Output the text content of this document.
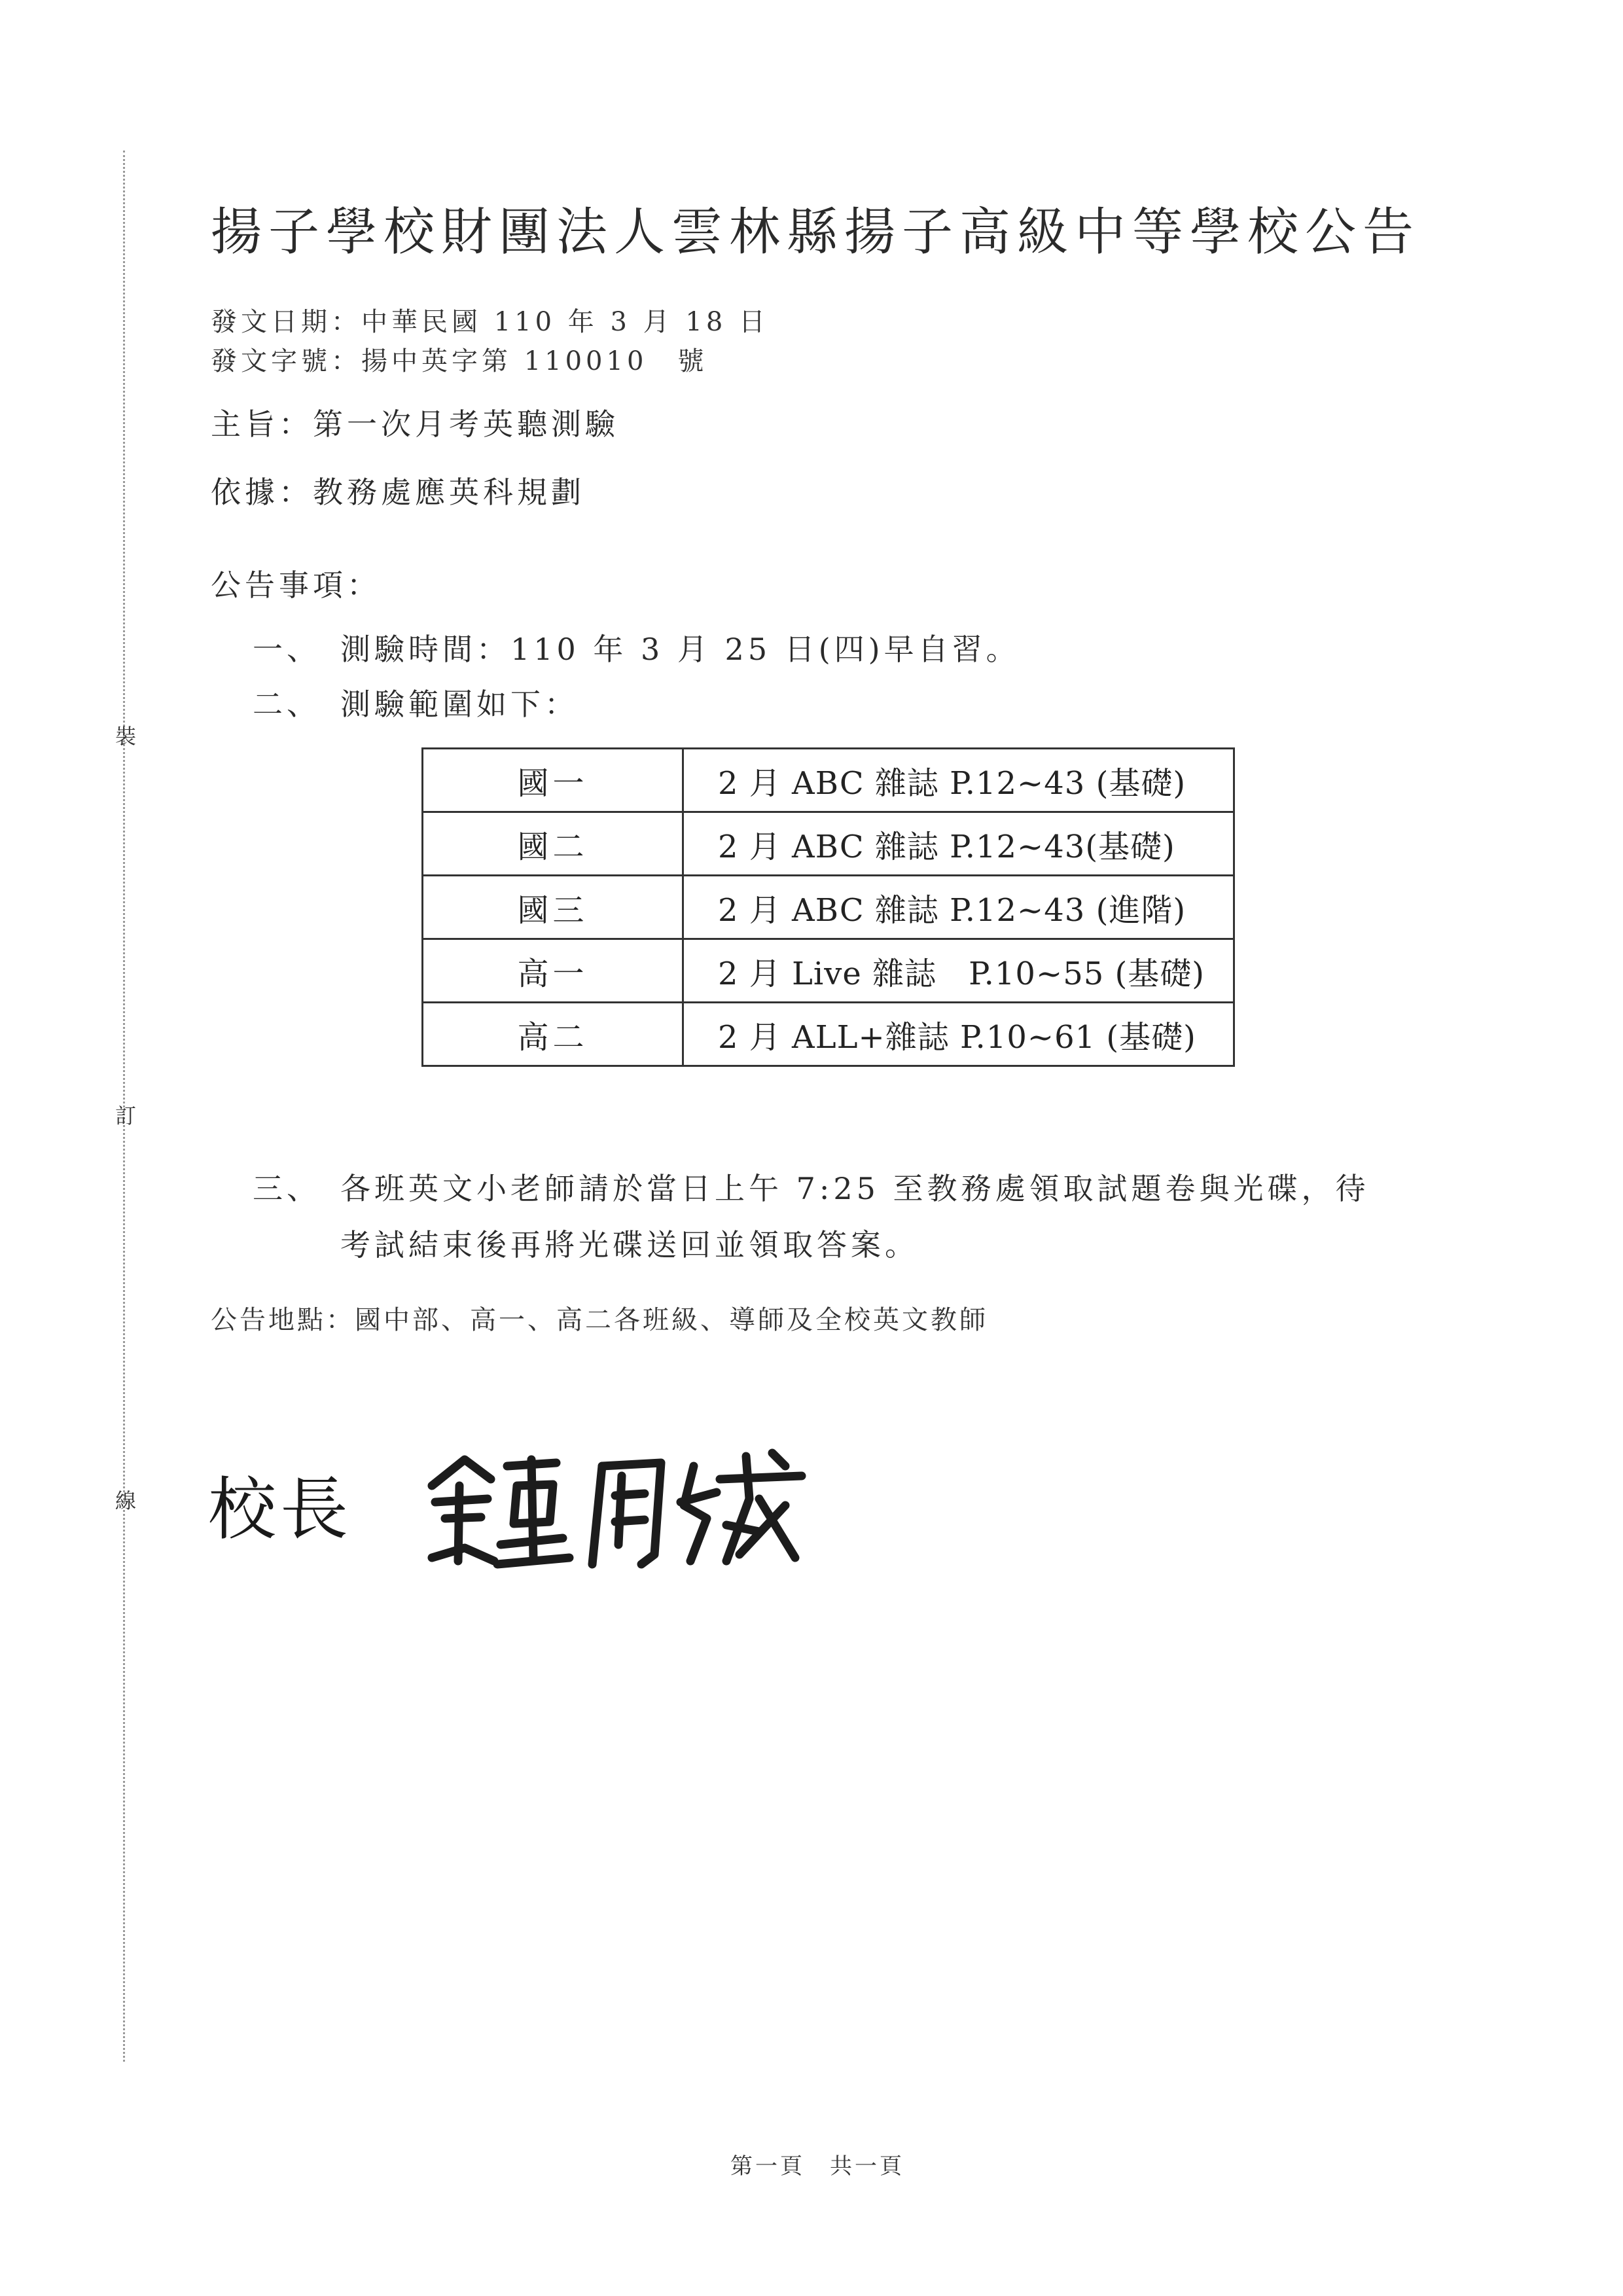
裝
訂
線
揚子學校財團法人雲林縣揚子高級中等學校公告
發文日期：中華民國 110 年 3 月 18 日
發文字號：揚中英字第 110010　號
主旨：第一次月考英聽測驗
依據：教務處應英科規劃
公告事項：
一、 測驗時間：110 年 3 月 25 日(四)早自習。
二、 測驗範圍如下：
國一	2 月 ABC 雜誌 P.12~43 (基礎)
國二	2 月 ABC 雜誌 P.12~43(基礎)
國三	2 月 ABC 雜誌 P.12~43 (進階)
高一	2 月 Live 雜誌　P.10~55 (基礎)
高二	2 月 ALL+雜誌 P.10~61 (基礎)
三、 各班英文小老師請於當日上午 7:25 至教務處領取試題卷與光碟，待
考試結束後再將光碟送回並領取答案。
公告地點：國中部、高一、高二各班級、導師及全校英文教師
校長
第一頁　共一頁
